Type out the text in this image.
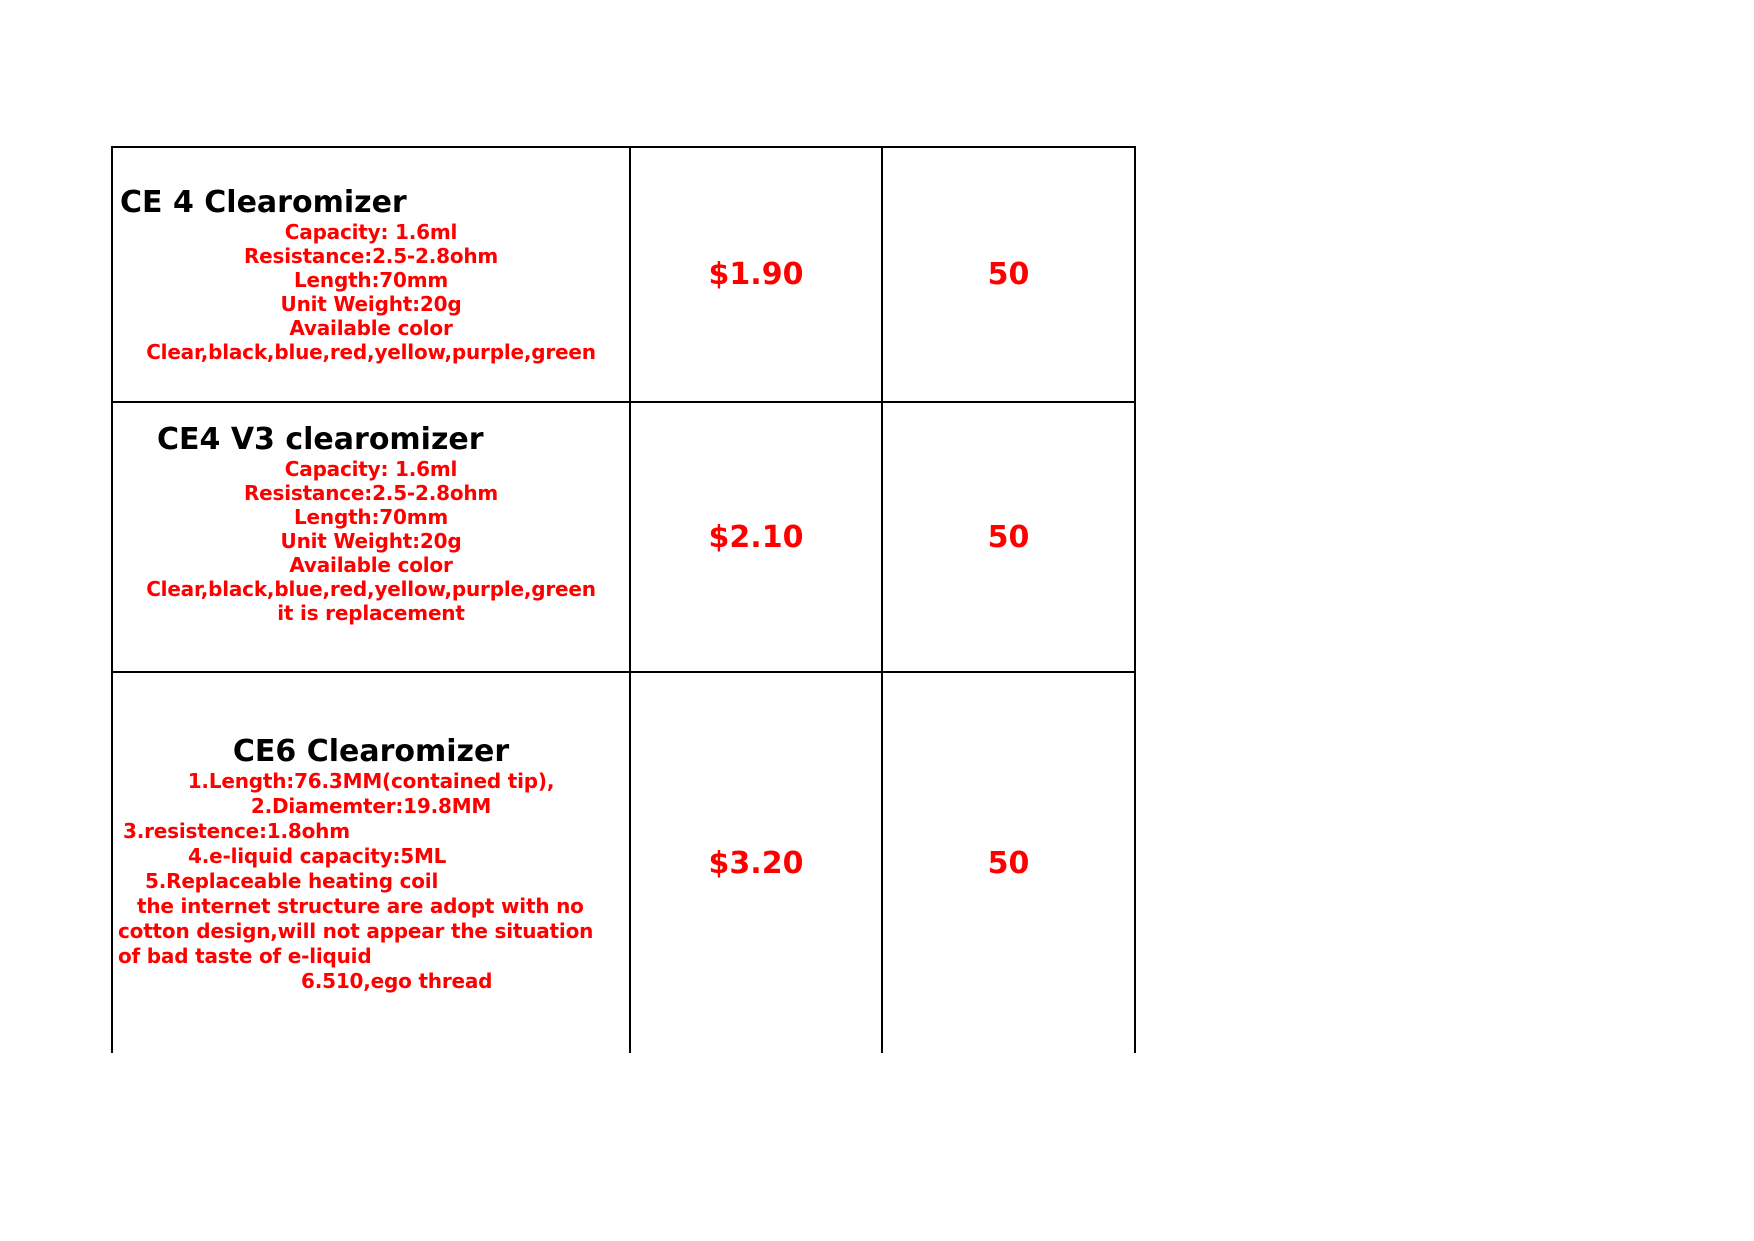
CE 4 Clearomizer
Capacity: 1.6ml
Resistance:2.5-2.8ohm
Length:70mm
Unit Weight:20g
Available color
Clear,black,blue,red,yellow,purple,green
$1.90	50
CE4 V3 clearomizer
Capacity: 1.6ml
Resistance:2.5-2.8ohm
Length:70mm
Unit Weight:20g
Available color
Clear,black,blue,red,yellow,purple,green
it is replacement
$2.10	50
CE6 Clearomizer
1.Length:76.3MM(contained tip),
2.Diamemter:19.8MM
3.resistence:1.8ohm
4.e-liquid capacity:5ML
5.Replaceable heating coil
the internet structure are adopt with no
cotton design,will not appear the situation
of bad taste of e-liquid
6.510,ego thread
$3.20	50
